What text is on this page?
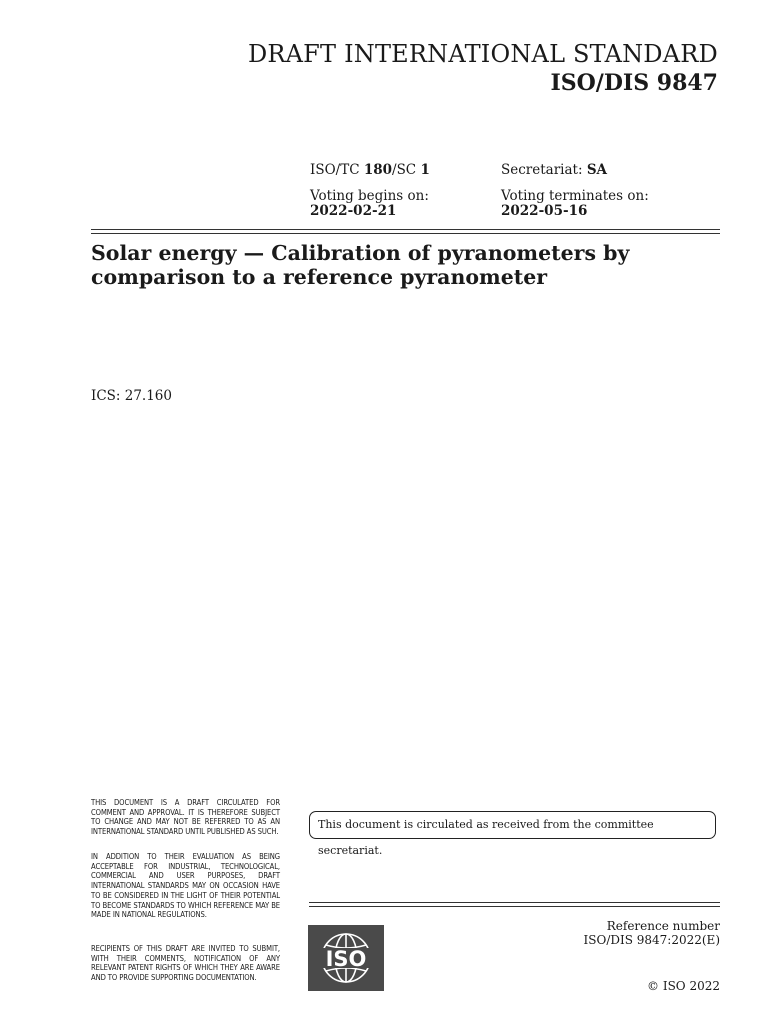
DRAFT INTERNATIONAL STANDARD
ISO/DIS 9847
ISO/TC 180/SC 1	Secretariat: SA
Voting begins on:
2022-02-21
Voting terminates on:
2022-05-16
Solar energy — Calibration of pyranometers by
comparison to a reference pyranometer
ICS: 27.160
THIS DOCUMENT IS A DRAFT CIRCULATED FOR COMMENT AND APPROVAL. IT IS THEREFORE SUBJECT TO CHANGE AND MAY NOT BE REFERRED TO AS AN INTERNATIONAL STANDARD UNTIL PUBLISHED AS SUCH.
IN ADDITION TO THEIR EVALUATION AS BEING ACCEPTABLE FOR INDUSTRIAL, TECHNOLOGICAL, COMMERCIAL AND USER PURPOSES, DRAFT INTERNATIONAL STANDARDS MAY ON OCCASION HAVE TO BE CONSIDERED IN THE LIGHT OF THEIR POTENTIAL TO BECOME STANDARDS TO WHICH REFERENCE MAY BE MADE IN NATIONAL REGULATIONS.
RECIPIENTS OF THIS DRAFT ARE INVITED TO SUBMIT, WITH THEIR COMMENTS, NOTIFICATION OF ANY RELEVANT PATENT RIGHTS OF WHICH THEY ARE AWARE AND TO PROVIDE SUPPORTING DOCUMENTATION.
This document is circulated as received from the committee secretariat.
ISO
Reference number
ISO/DIS 9847:2022(E)
© ISO 2022
